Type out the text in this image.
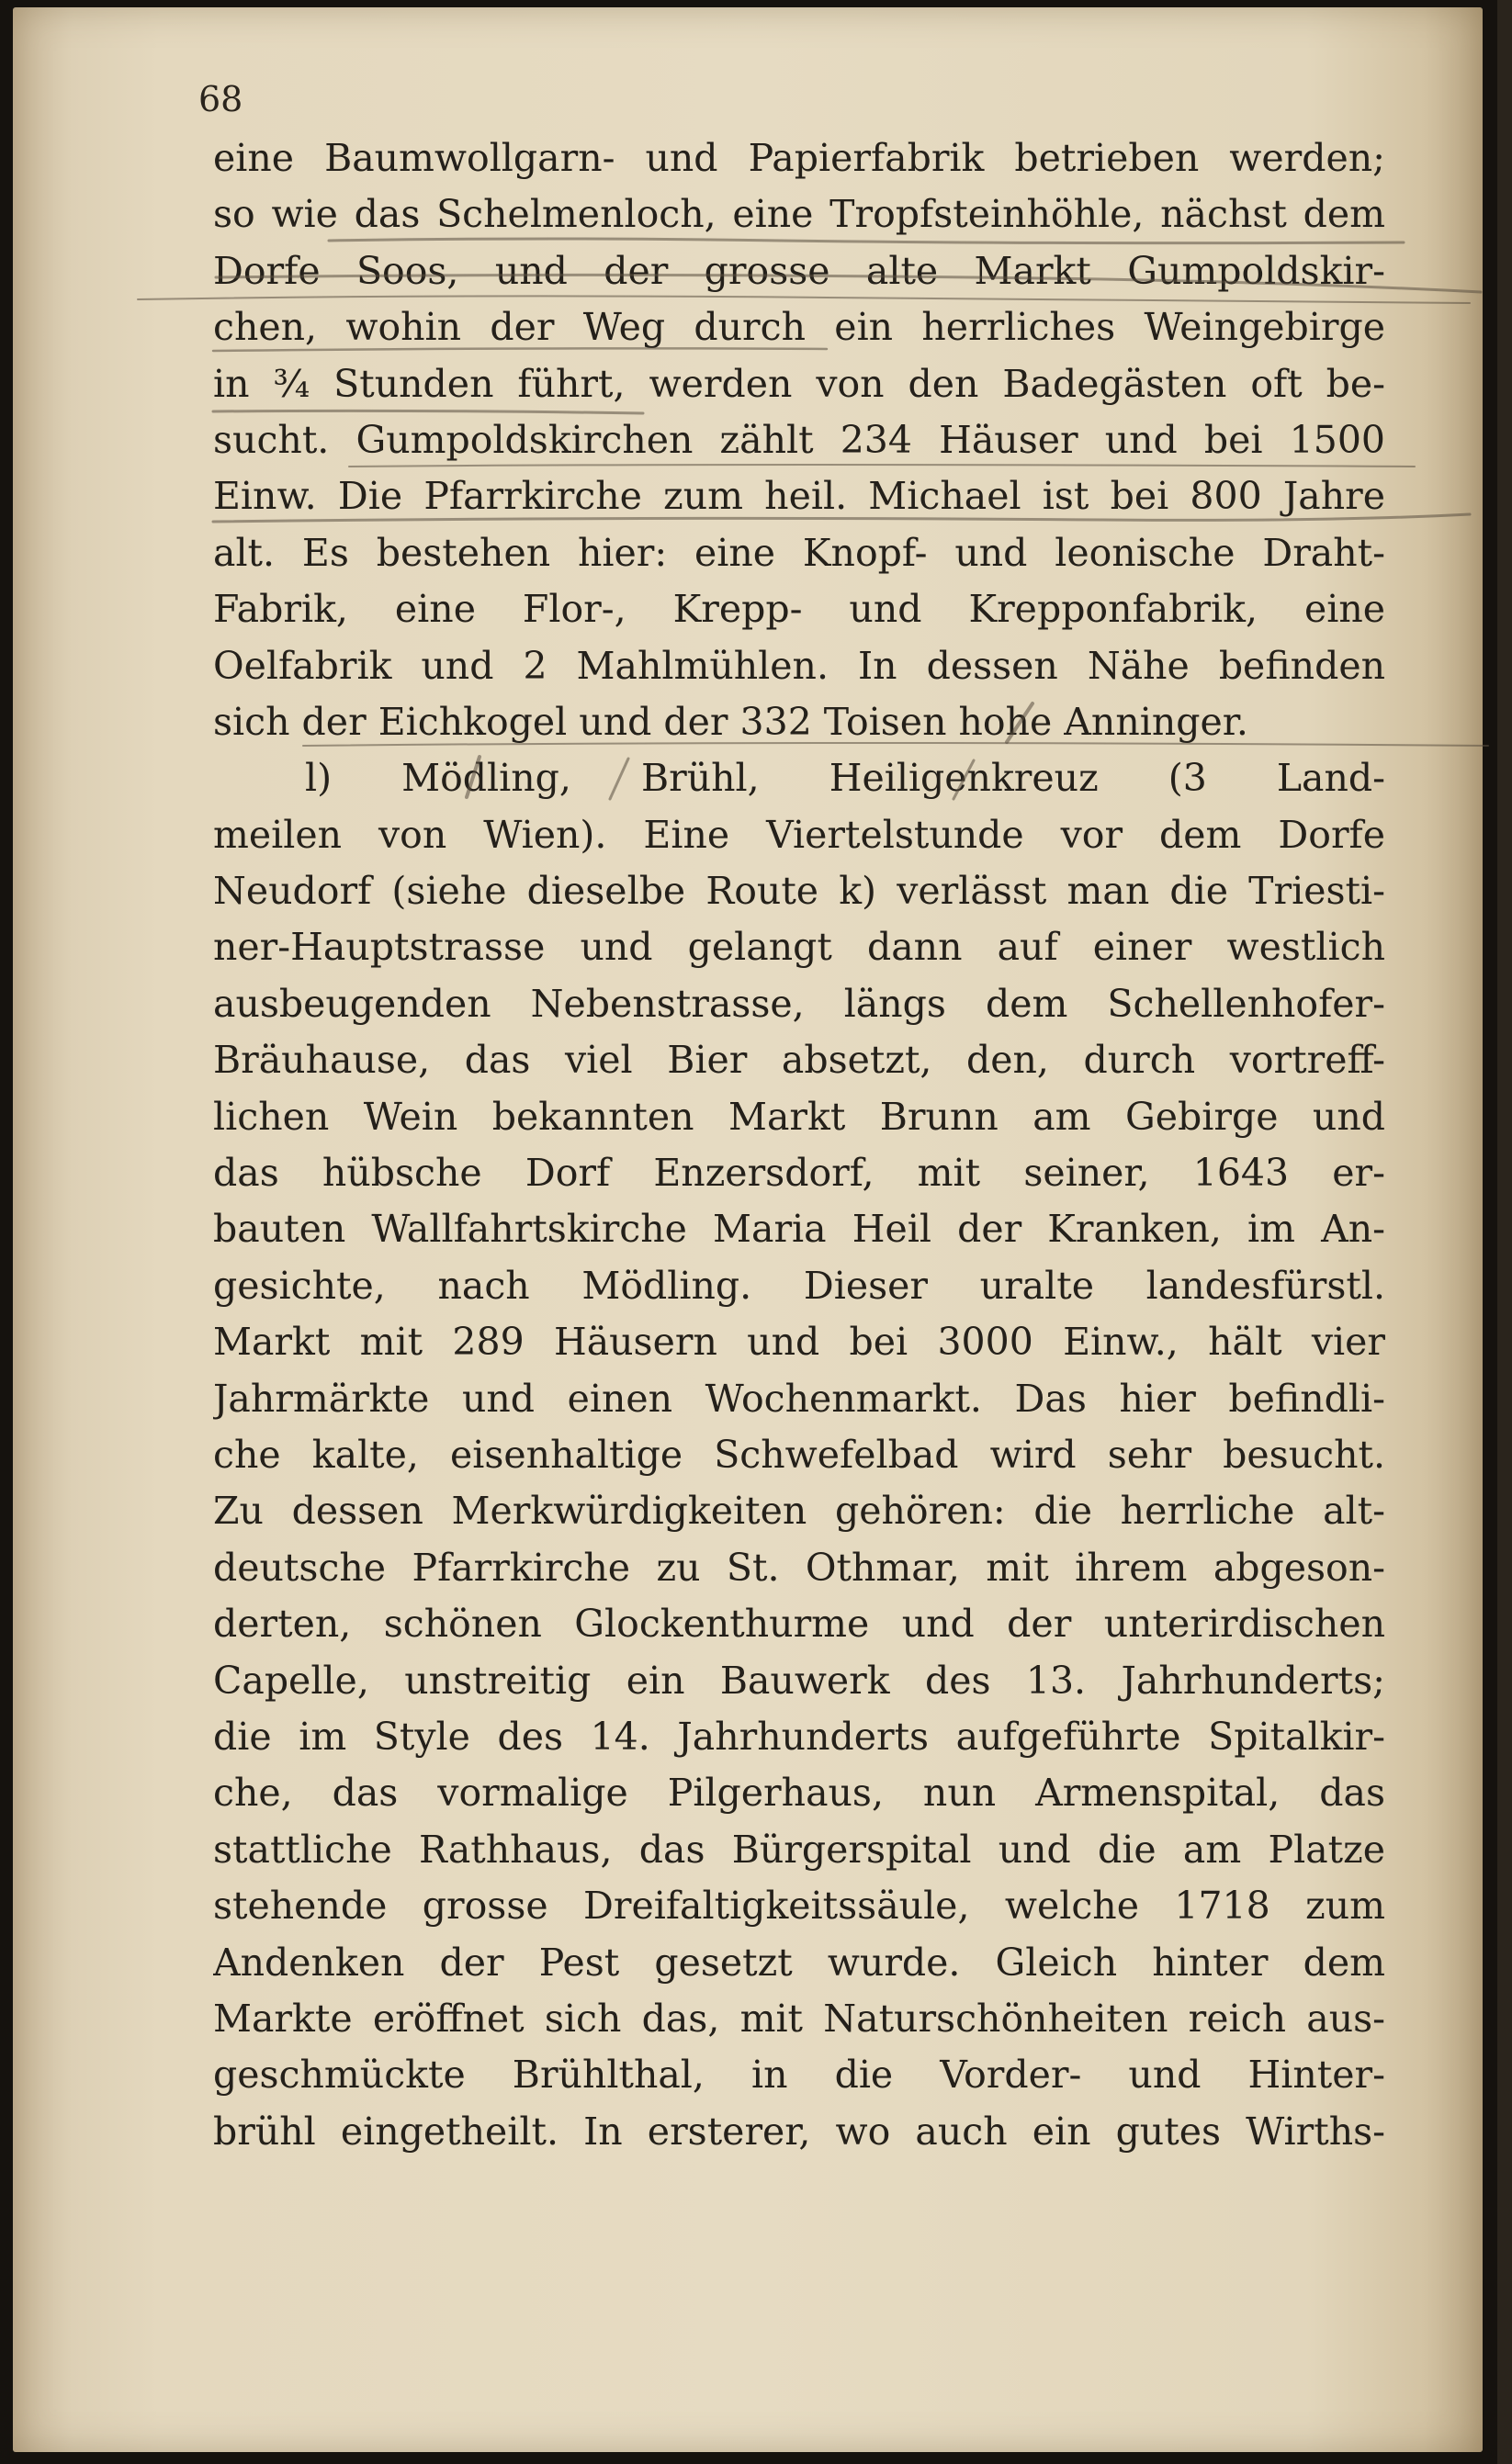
68

eine Baumwollgarn- und Papierfabrik betrieben werden;
so wie das Schelmenloch, eine Tropfsteinhöhle, nächst dem
Dorfe Soos, und der grosse alte Markt Gumpoldskir-
chen, wohin der Weg durch ein herrliches Weingebirge
in ¾ Stunden führt, werden von den Badegästen oft be-
sucht. Gumpoldskirchen zählt 234 Häuser und bei 1500
Einw. Die Pfarrkirche zum heil. Michael ist bei 800 Jahre
alt. Es bestehen hier: eine Knopf- und leonische Draht-
Fabrik, eine Flor-, Krepp- und Krepponfabrik, eine
Oelfabrik und 2 Mahlmühlen. In dessen Nähe befinden
sich der Eichkogel und der 332 Toisen hohe Anninger.
l) Mödling, Brühl, Heiligenkreuz (3 Land-
meilen von Wien). Eine Viertelstunde vor dem Dorfe
Neudorf (siehe dieselbe Route k) verlässt man die Triesti-
ner-Hauptstrasse und gelangt dann auf einer westlich
ausbeugenden Nebenstrasse, längs dem Schellenhofer-
Bräuhause, das viel Bier absetzt, den, durch vortreff-
lichen Wein bekannten Markt Brunn am Gebirge und
das hübsche Dorf Enzersdorf, mit seiner, 1643 er-
bauten Wallfahrtskirche Maria Heil der Kranken, im An-
gesichte, nach Mödling. Dieser uralte landesfürstl.
Markt mit 289 Häusern und bei 3000 Einw., hält vier
Jahrmärkte und einen Wochenmarkt. Das hier befindli-
che kalte, eisenhaltige Schwefelbad wird sehr besucht.
Zu dessen Merkwürdigkeiten gehören: die herrliche alt-
deutsche Pfarrkirche zu St. Othmar, mit ihrem abgeson-
derten, schönen Glockenthurme und der unterirdischen
Capelle, unstreitig ein Bauwerk des 13. Jahrhunderts;
die im Style des 14. Jahrhunderts aufgeführte Spitalkir-
che, das vormalige Pilgerhaus, nun Armenspital, das
stattliche Rathhaus, das Bürgerspital und die am Platze
stehende grosse Dreifaltigkeitssäule, welche 1718 zum
Andenken der Pest gesetzt wurde. Gleich hinter dem
Markte eröffnet sich das, mit Naturschönheiten reich aus-
geschmückte Brühlthal, in die Vorder- und Hinter-
brühl eingetheilt. In ersterer, wo auch ein gutes Wirths-
